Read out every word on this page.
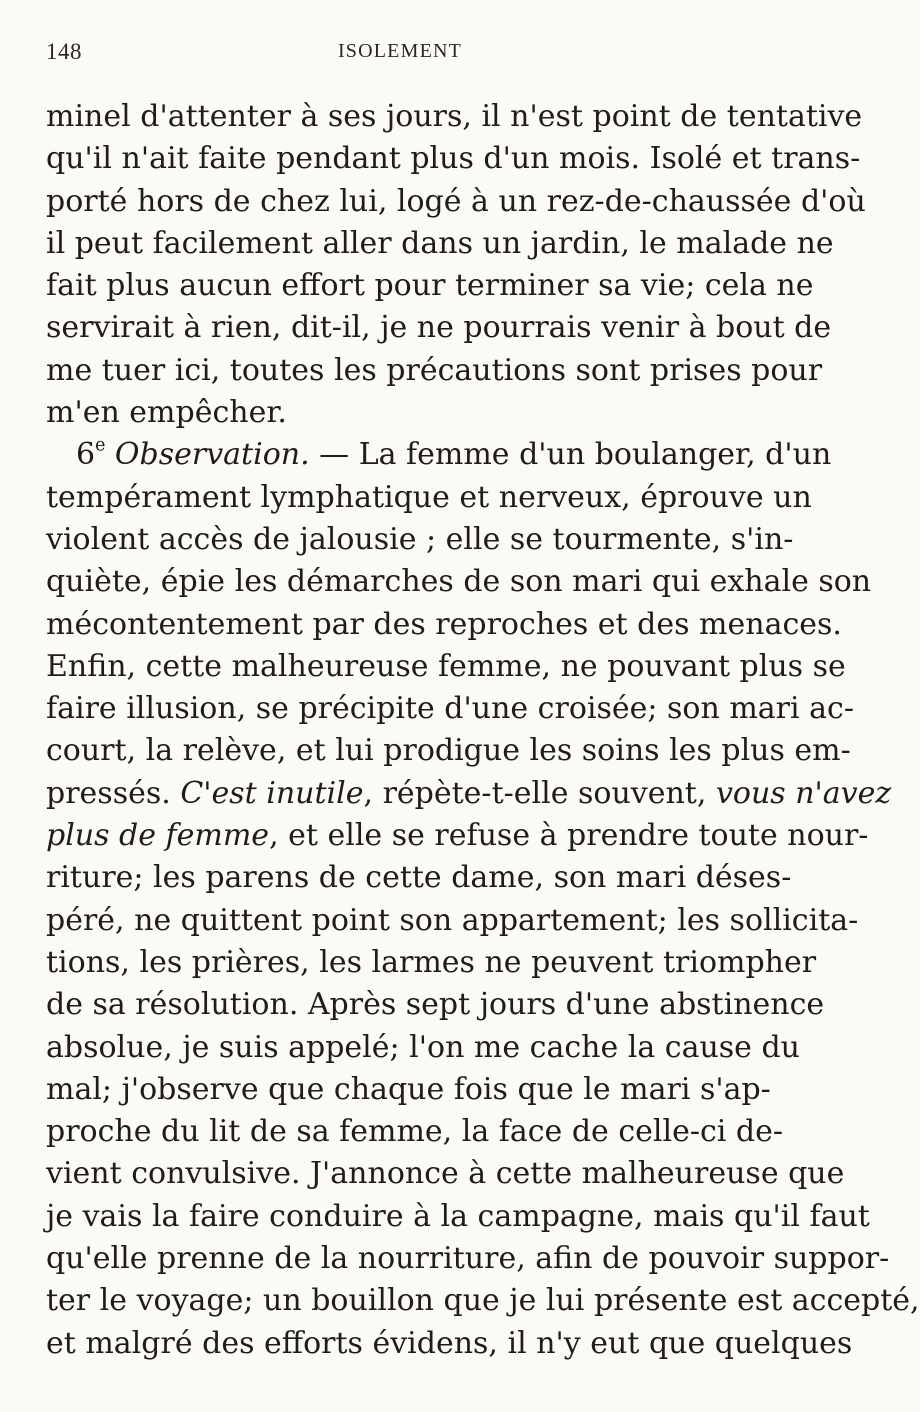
148	ISOLEMENT
minel d'attenter à ses jours, il n'est point de tentative
qu'il n'ait faite pendant plus d'un mois. Isolé et trans-
porté hors de chez lui, logé à un rez-de-chaussée d'où
il peut facilement aller dans un jardin, le malade ne
fait plus aucun effort pour terminer sa vie; cela ne
servirait à rien, dit-il, je ne pourrais venir à bout de
me tuer ici, toutes les précautions sont prises pour
m'en empêcher.
6e Observation. — La femme d'un boulanger, d'un
tempérament lymphatique et nerveux, éprouve un
violent accès de jalousie ; elle se tourmente, s'in-
quiète, épie les démarches de son mari qui exhale son
mécontentement par des reproches et des menaces.
Enfin, cette malheureuse femme, ne pouvant plus se
faire illusion, se précipite d'une croisée; son mari ac-
court, la relève, et lui prodigue les soins les plus em-
pressés. C'est inutile, répète-t-elle souvent, vous n'avez
plus de femme, et elle se refuse à prendre toute nour-
riture; les parens de cette dame, son mari déses-
péré, ne quittent point son appartement; les sollicita-
tions, les prières, les larmes ne peuvent triompher
de sa résolution. Après sept jours d'une abstinence
absolue, je suis appelé; l'on me cache la cause du
mal; j'observe que chaque fois que le mari s'ap-
proche du lit de sa femme, la face de celle-ci de-
vient convulsive. J'annonce à cette malheureuse que
je vais la faire conduire à la campagne, mais qu'il faut
qu'elle prenne de la nourriture, afin de pouvoir suppor-
ter le voyage; un bouillon que je lui présente est accepté,
et malgré des efforts évidens, il n'y eut que quelques
